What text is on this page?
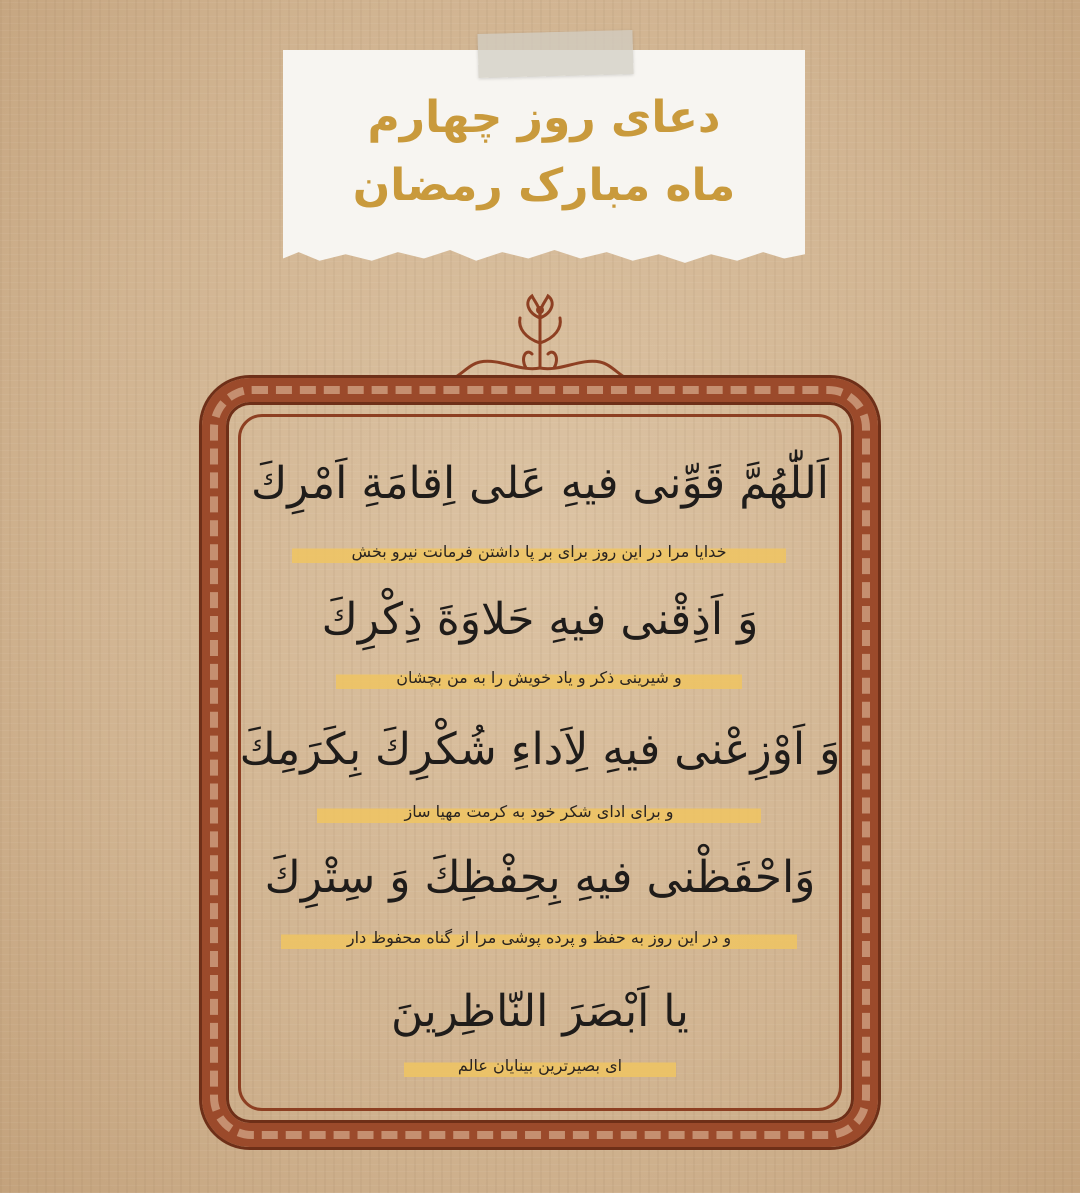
دعای روز چهارم
ماه مبارک رمضان
اَللّٰهُمَّ قَوِّنى فيهِ عَلى اِقامَةِ اَمْرِكَ
خدایا مرا در این روز برای بر پا داشتن فرمانت نیرو بخش
وَ اَذِقْنى فيهِ حَلاوَةَ ذِكْرِكَ
و شیرینی ذکر و یاد خویش را به من بچشان
وَ اَوْزِعْنى فيهِ لِاَداءِ شُكْرِكَ بِكَرَمِكَ
و برای ادای شکر خود به کرمت مهیا ساز
وَاحْفَظْنى فيهِ بِحِفْظِكَ وَ سِتْرِكَ
و در این روز به حفظ و پرده پوشی مرا از گناه محفوظ دار
يا اَبْصَرَ النّاظِرينَ
ای بصیرترین بینایان عالم
